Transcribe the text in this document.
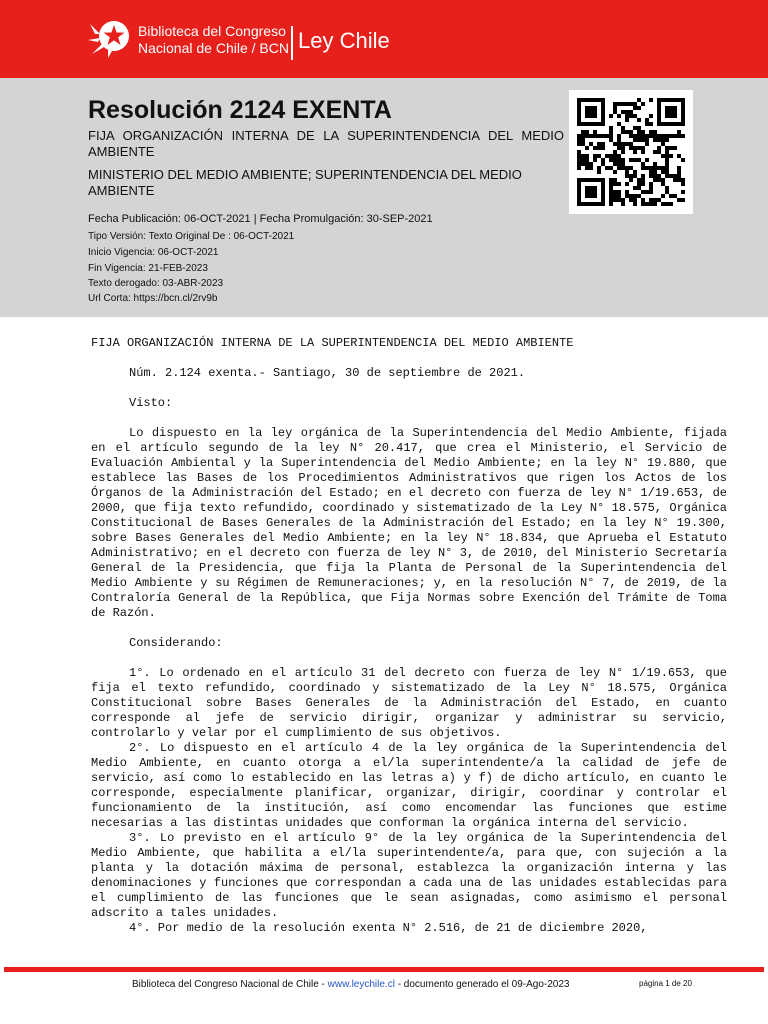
Biblioteca del Congreso
Nacional de Chile / BCN Ley Chile
Resolución 2124 EXENTA
FIJA ORGANIZACIÓN INTERNA DE LA SUPERINTENDENCIA DEL MEDIO AMBIENTE
MINISTERIO DEL MEDIO AMBIENTE; SUPERINTENDENCIA DEL MEDIO AMBIENTE
Fecha Publicación: 06-OCT-2021 | Fecha Promulgación: 30-SEP-2021
Tipo Versión: Texto Original De : 06-OCT-2021
Inicio Vigencia: 06-OCT-2021
Fin Vigencia: 21-FEB-2023
Texto derogado: 03-ABR-2023
Url Corta: https://bcn.cl/2rv9b

FIJA ORGANIZACIÓN INTERNA DE LA SUPERINTENDENCIA DEL MEDIO AMBIENTE

Núm. 2.124 exenta.- Santiago, 30 de septiembre de 2021.

Visto:

Lo dispuesto en la ley orgánica de la Superintendencia del Medio Ambiente, fijada en el artículo segundo de la ley N° 20.417, que crea el Ministerio, el Servicio de Evaluación Ambiental y la Superintendencia del Medio Ambiente; en la ley N° 19.880, que establece las Bases de los Procedimientos Administrativos que rigen los Actos de los Órganos de la Administración del Estado; en el decreto con fuerza de ley N° 1/19.653, de 2000, que fija texto refundido, coordinado y sistematizado de la Ley N° 18.575, Orgánica Constitucional de Bases Generales de la Administración del Estado; en la ley N° 19.300, sobre Bases Generales del Medio Ambiente; en la ley N° 18.834, que Aprueba el Estatuto Administrativo; en el decreto con fuerza de ley N° 3, de 2010, del Ministerio Secretaría General de la Presidencia, que fija la Planta de Personal de la Superintendencia del Medio Ambiente y su Régimen de Remuneraciones; y, en la resolución N° 7, de 2019, de la Contraloría General de la República, que Fija Normas sobre Exención del Trámite de Toma de Razón.

Considerando:

1°. Lo ordenado en el artículo 31 del decreto con fuerza de ley N° 1/19.653, que fija el texto refundido, coordinado y sistematizado de la Ley N° 18.575, Orgánica Constitucional sobre Bases Generales de la Administración del Estado, en cuanto corresponde al jefe de servicio dirigir, organizar y administrar su servicio, controlarlo y velar por el cumplimiento de sus objetivos.

2°. Lo dispuesto en el artículo 4 de la ley orgánica de la Superintendencia del Medio Ambiente, en cuanto otorga a el/la superintendente/a la calidad de jefe de servicio, así como lo establecido en las letras a) y f) de dicho artículo, en cuanto le corresponde, especialmente planificar, organizar, dirigir, coordinar y controlar el funcionamiento de la institución, así como encomendar las funciones que estime necesarias a las distintas unidades que conforman la orgánica interna del servicio.

3°. Lo previsto en el artículo 9° de la ley orgánica de la Superintendencia del Medio Ambiente, que habilita a el/la superintendente/a, para que, con sujeción a la planta y la dotación máxima de personal, establezca la organización interna y las denominaciones y funciones que correspondan a cada una de las unidades establecidas para el cumplimiento de las funciones que le sean asignadas, como asimismo el personal adscrito a tales unidades.

4°. Por medio de la resolución exenta N° 2.516, de 21 de diciembre 2020,

Biblioteca del Congreso Nacional de Chile - www.leychile.cl - documento generado el 09-Ago-2023	página 1 de 20
